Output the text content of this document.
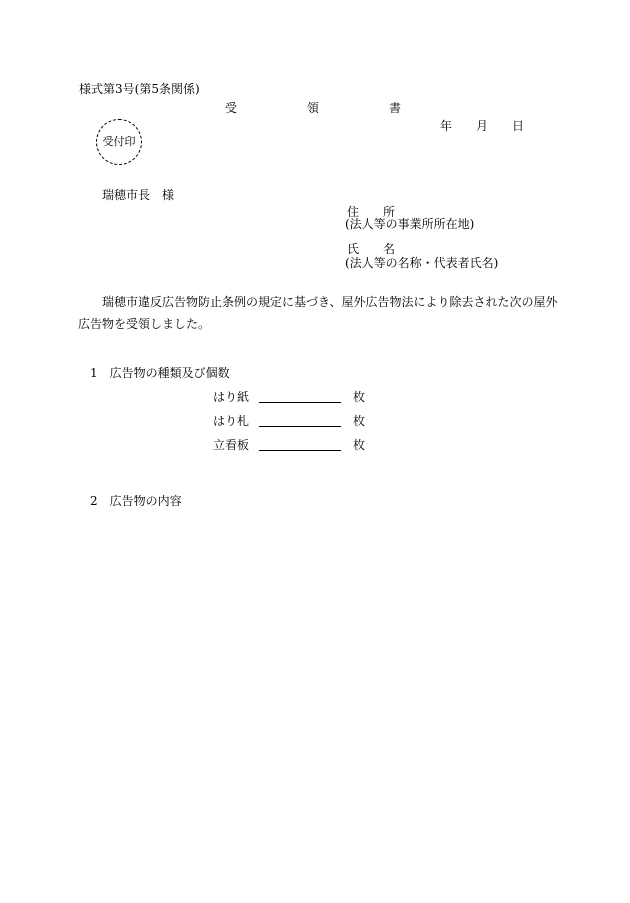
様式第3号(第5条関係)
受	領	書
年 月 日
受付印
瑞穂市長　様
住　　所
(法人等の事業所所在地)
氏　　名
(法人等の名称・代表者氏名)
瑞穂市違反広告物防止条例の規定に基づき、屋外広告物法により除去された次の屋外広告物を受領しました。
1　広告物の種類及び個数
はり紙	枚
はり札	枚
立看板	枚
2　広告物の内容
